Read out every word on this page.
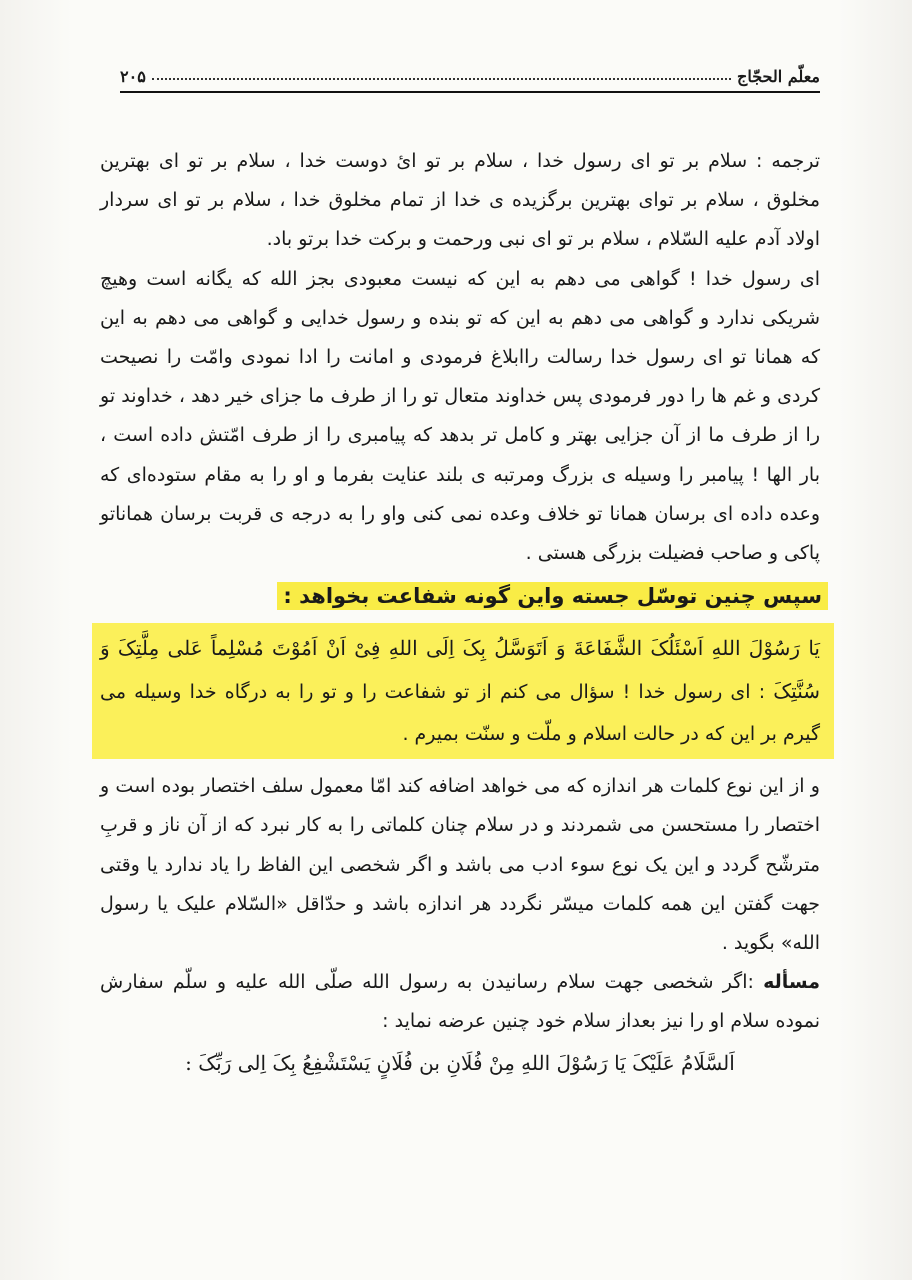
معلّم الحجّاج
۲۰۵

ترجمه : سلام بر تو ای رسول خدا ، سلام بر تو ایٔ دوست خدا ، سلام بر تو ای بهترین مخلوق ، سلام بر توای بهترین برگزیده ی خدا از تمام مخلوق خدا ، سلام بر تو ای سردار اولاد آدم علیه السّلام ، سلام بر تو ای نبی ورحمت و برکت خدا برتو باد.

ای رسول خدا ! گواهی می دهم به این که نیست معبودی بجز الله که یگانه است وهیچ شریکی ندارد و گواهی می دهم به این که تو بنده و رسول خدایی و گواهی می دهم به این که همانا تو ای رسول خدا رسالت راابلاغ فرمودی و امانت را ادا نمودی وامّت را نصیحت کردی و غم ها را دور فرمودی پس خداوند متعال تو را از طرف ما جزای خیر دهد ، خداوند تو را از طرف ما از آن جزایی بهتر و کامل تر بدهد که پیامبری را از طرف امّتش داده است ، بار الها ! پیامبر را وسیله ی بزرگ ومرتبه ی بلند عنایت بفرما و او را به مقام ستوده‌ای که وعده داده ای برسان همانا تو خلاف وعده نمی کنی واو را به درجه ی قربت برسان همانا‌تو پاکی و صاحب فضیلت بزرگی هستی .

سپس چنین توسّل جسته واین گونه شفاعت بخواهد :
یَا رَسُوْلَ اللهِ اَسْئَلُکَ الشَّفَاعَةَ وَ اَتَوَسَّلُ بِکَ اِلَی اللهِ فِیْ اَنْ اَمُوْتَ مُسْلِماً عَلی مِلَّتِکَ وَ سُنَّتِکَ : ای رسول خدا ! سؤال می کنم از تو شفاعت را و تو را به درگاه خدا وسیله می گیرم بر این که در حالت اسلام و ملّت و سنّت بمیرم .

و از این نوع کلمات هر اندازه که می خواهد اضافه کند امّا معمول سلف اختصار بوده است و اختصار را مستحسن می شمردند و در سلام چنان کلماتی را به کار نبرد که از آن ناز و قربِ مترشّح گردد و این یک نوع سوء ادب می باشد و اگر شخصی این الفاظ را یاد ندارد یا وقتی جهت گفتن این همه کلمات میسّر نگردد هر اندازه باشد و حدّاقل «السّلام علیک یا رسول الله» بگوید .

مسأله :اگر شخصی جهت سلام رسانیدن به رسول الله صلّی الله علیه و سلّم سفارش نموده سلام او را نیز بعداز سلام خود چنین عرضه نماید :

اَلسَّلَامُ عَلَیْکَ یَا رَسُوْلَ اللهِ مِنْ فُلَانِ بن فُلَانٍ یَسْتَشْفِعُ بِکَ اِلی رَبِّکَ :
